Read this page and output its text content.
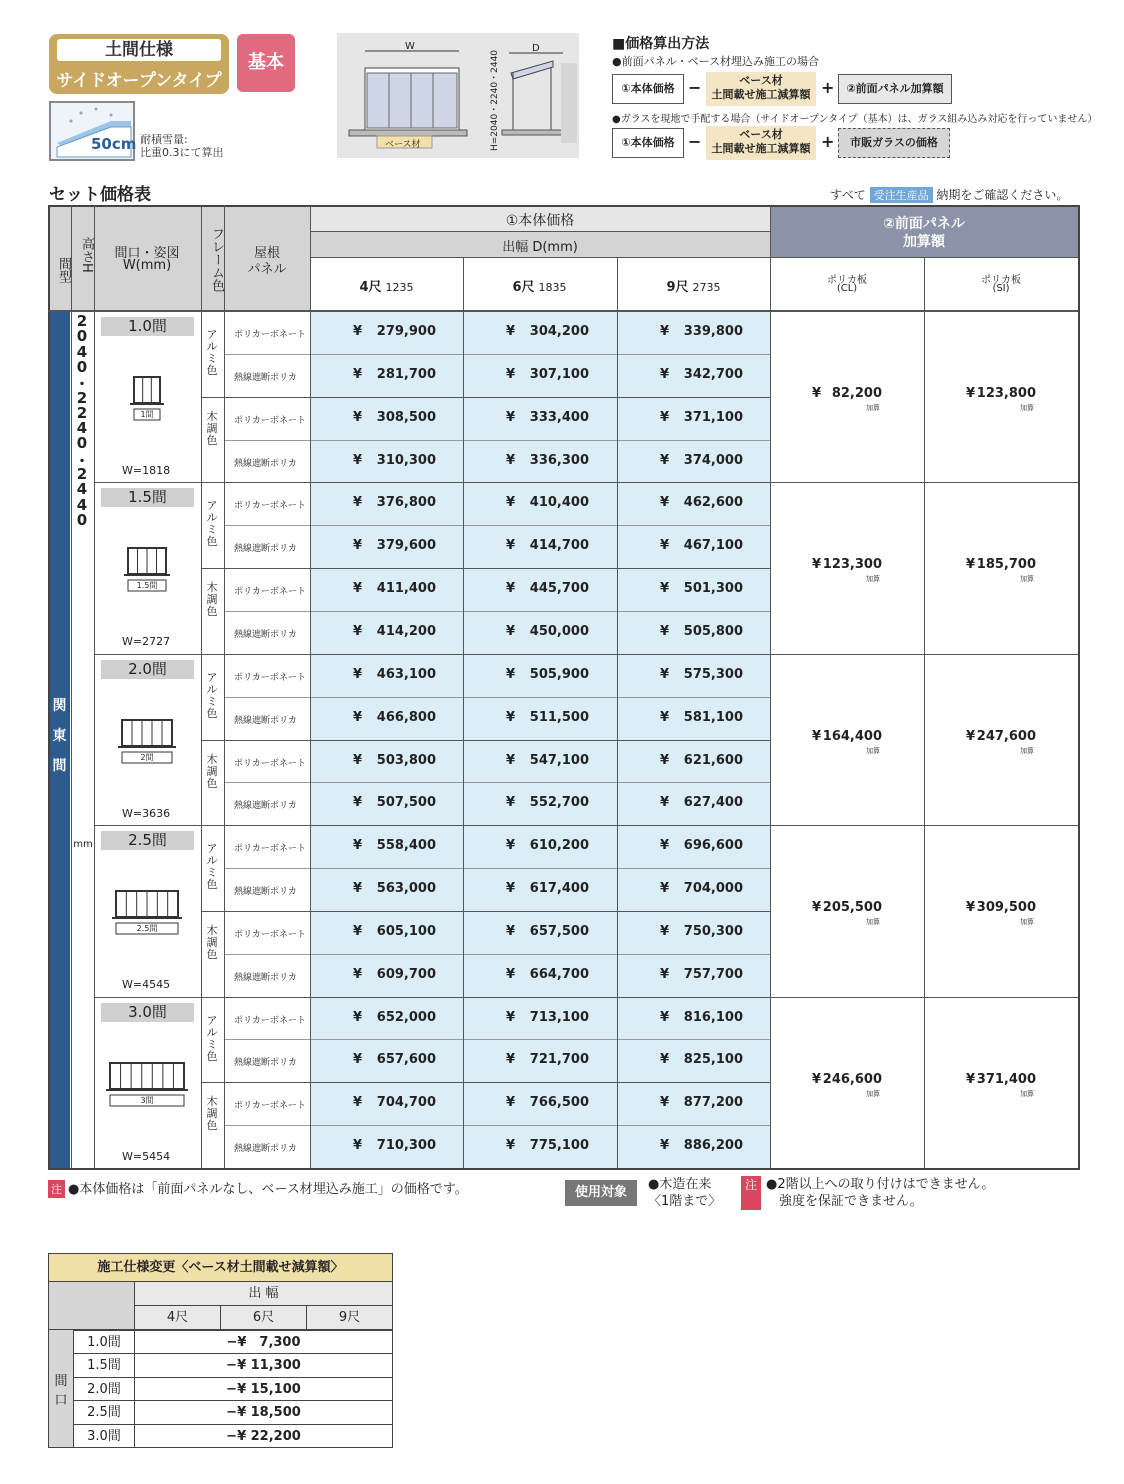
土間仕様
サイドオープンタイプ
基本
50cm 耐積雪量:
比重0.3にて算出
W	D
H=2040・2240・2440
ベース材
■価格算出方法
●前面パネル・ベース材埋込み施工の場合
①本体価格 −	ベース材
土間載せ施工減算額 +	②前面パネル加算額
●ガラスを現地で手配する場合（サイドオープンタイプ（基本）は、ガラス組み込み対応を行っていません）
①本体価格 −	ベース材
土間載せ施工減算額 +	市販ガラスの価格
セット価格表	すべて 受注生産品 納期をご確認ください。
関
東
間
2
0
4
0
・
2
2
4
0
・
2
4
4
0
mm
間型 高さH	間口・姿図
W(mm)	フレーム色	屋根
パネル
①本体価格
出幅 D(mm)
4尺 1235	6尺 1835	9尺 2735
②前面パネル
加算額
ポリカ板
(CL)
ポリカ板
(SI)
1.0間
1間
W=1818
ア
ル
ミ
色
木
調
色
ポリカーボネート	¥ 279,900	¥ 304,200	¥ 339,800
熱線遮断ポリカ	¥ 281,700	¥ 307,100	¥ 342,700
ポリカーボネート	¥ 308,500	¥ 333,400	¥ 371,100
熱線遮断ポリカ	¥ 310,300	¥ 336,300	¥ 374,000
¥ 82,200
加算
¥ 123,800
加算
1.5間
1.5間
W=2727
ア
ル
ミ
色
木
調
色
ポリカーボネート	¥ 376,800	¥ 410,400	¥ 462,600
熱線遮断ポリカ	¥ 379,600	¥ 414,700	¥ 467,100
ポリカーボネート	¥ 411,400	¥ 445,700	¥ 501,300
熱線遮断ポリカ	¥ 414,200	¥ 450,000	¥ 505,800
¥ 123,300
加算
¥ 185,700
加算
2.0間
2間
W=3636
ア
ル
ミ
色
木
調
色
ポリカーボネート	¥ 463,100	¥ 505,900	¥ 575,300
熱線遮断ポリカ	¥ 466,800	¥ 511,500	¥ 581,100
ポリカーボネート	¥ 503,800	¥ 547,100	¥ 621,600
熱線遮断ポリカ	¥ 507,500	¥ 552,700	¥ 627,400
¥ 164,400
加算
¥ 247,600
加算
2.5間
2.5間
W=4545
ア
ル
ミ
色
木
調
色
ポリカーボネート	¥ 558,400	¥ 610,200	¥ 696,600
熱線遮断ポリカ	¥ 563,000	¥ 617,400	¥ 704,000
ポリカーボネート	¥ 605,100	¥ 657,500	¥ 750,300
熱線遮断ポリカ	¥ 609,700	¥ 664,700	¥ 757,700
¥ 205,500
加算
¥ 309,500
加算
3.0間
3間
W=5454
ア
ル
ミ
色
木
調
色
ポリカーボネート	¥ 652,000	¥ 713,100	¥ 816,100
熱線遮断ポリカ	¥ 657,600	¥ 721,700	¥ 825,100
ポリカーボネート	¥ 704,700	¥ 766,500	¥ 877,200
熱線遮断ポリカ	¥ 710,300	¥ 775,100	¥ 886,200
¥ 246,600
加算
¥ 371,400
加算
注 ●本体価格は「前面パネルなし、ベース材埋込み施工」の価格です。	使用対象
●木造在来
〈1階まで〉
注 ●2階以上への取り付けはできません。
強度を保証できません。
施工仕様変更〈ベース材土間載せ減算額〉
出 幅
4尺	6尺	9尺
間
口
1.0間	−¥　7,300
1.5間	−¥ 11,300
2.0間	−¥ 15,100
2.5間	−¥ 18,500
3.0間	−¥ 22,200
